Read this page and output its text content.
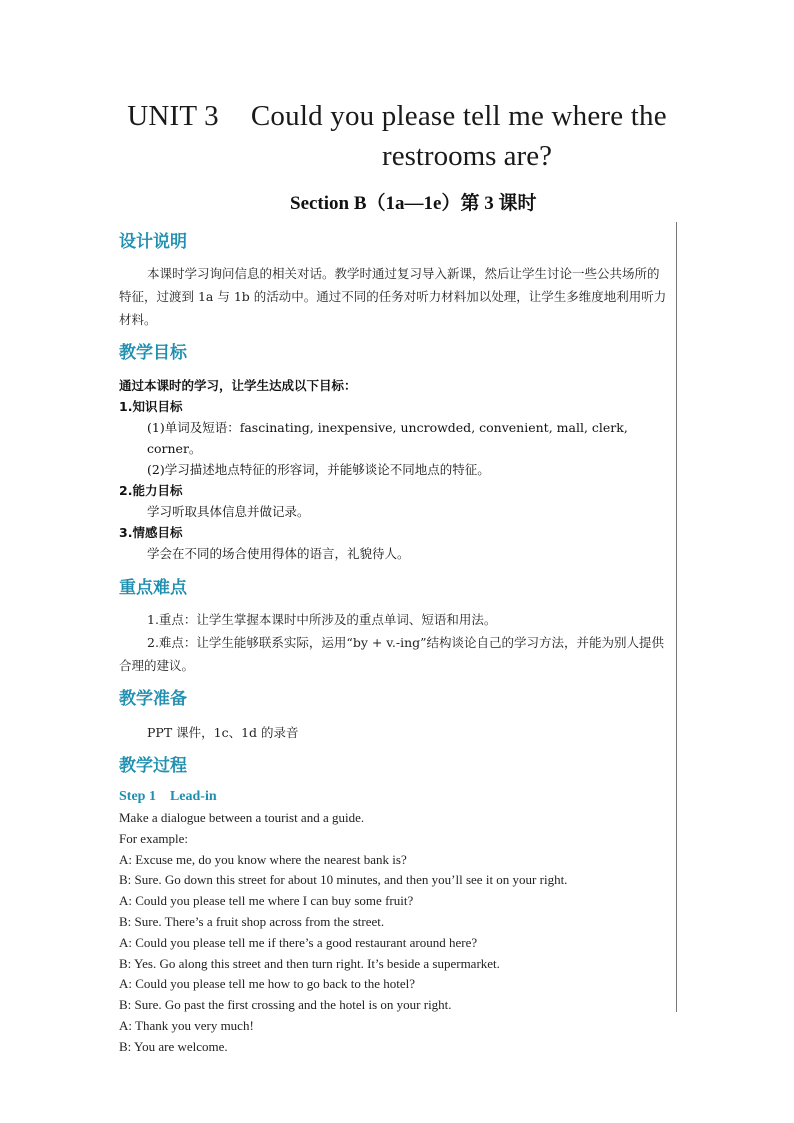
UNIT 3 Could you please tell me where the
restrooms are?
Section B（1a—1e）第 3 课时

设计说明

本课时学习询问信息的相关对话。教学时通过复习导入新课，然后让学生讨论一些公共场所的特征，过渡到 1a 与 1b 的活动中。通过不同的任务对听力材料加以处理，让学生多维度地利用听力材料。

教学目标

通过本课时的学习，让学生达成以下目标：

1.知识目标

(1)单词及短语：fascinating, inexpensive, uncrowded, convenient, mall, clerk, corner。

(2)学习描述地点特征的形容词，并能够谈论不同地点的特征。

2.能力目标

学习听取具体信息并做记录。

3.情感目标

学会在不同的场合使用得体的语言，礼貌待人。

重点难点

1.重点：让学生掌握本课时中所涉及的重点单词、短语和用法。

2.难点：让学生能够联系实际，运用“by + v.-ing”结构谈论自己的学习方法，并能为别人提供合理的建议。

教学准备

PPT 课件，1c、1d 的录音

教学过程

Step 1　Lead-in

Make a dialogue between a tourist and a guide.

For example:

A: Excuse me, do you know where the nearest bank is?

B: Sure. Go down this street for about 10 minutes, and then you’ll see it on your right.

A: Could you please tell me where I can buy some fruit?

B: Sure. There’s a fruit shop across from the street.

A: Could you please tell me if there’s a good restaurant around here?

B: Yes. Go along this street and then turn right. It’s beside a supermarket.

A: Could you please tell me how to go back to the hotel?

B: Sure. Go past the first crossing and the hotel is on your right.

A: Thank you very much!

B: You are welcome.
